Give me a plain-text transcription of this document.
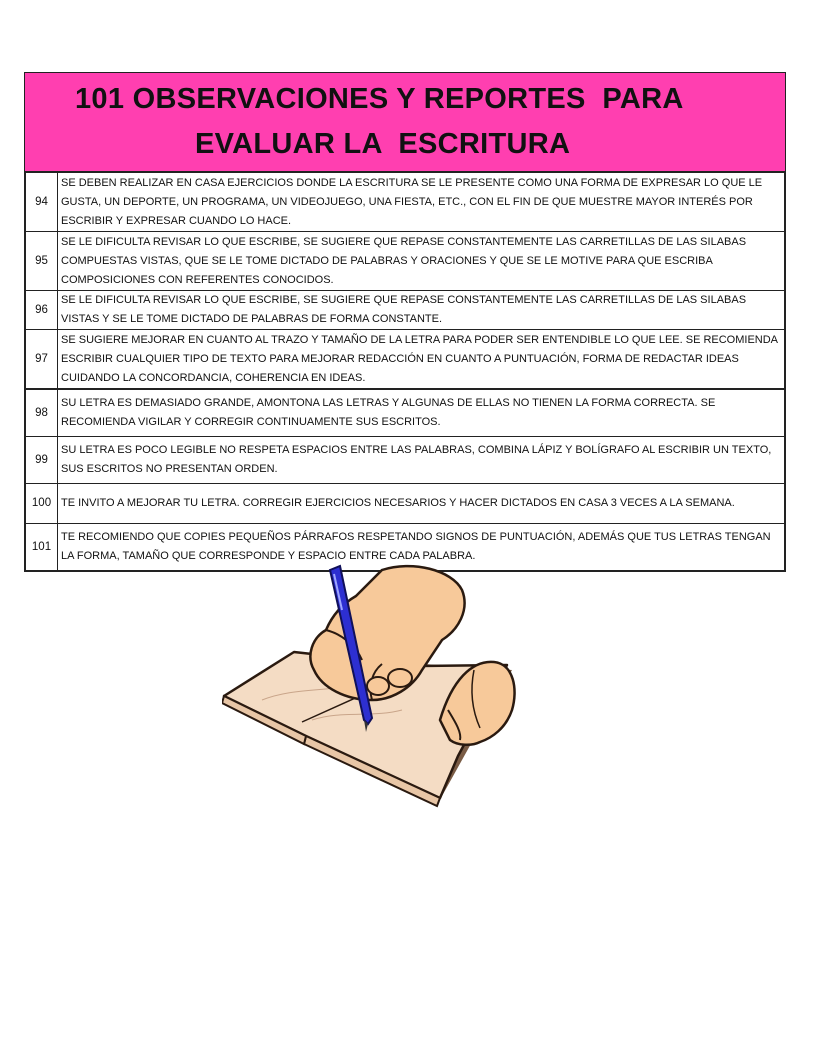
101 OBSERVACIONES Y REPORTES  PARA
EVALUAR LA  ESCRITURA
94	SE DEBEN REALIZAR EN CASA EJERCICIOS DONDE LA ESCRITURA SE LE PRESENTE COMO UNA FORMA DE EXPRESAR LO QUE LE GUSTA, UN DEPORTE, UN PROGRAMA, UN VIDEOJUEGO, UNA FIESTA, ETC., CON EL FIN DE QUE MUESTRE MAYOR INTERÉS POR ESCRIBIR Y EXPRESAR CUANDO LO HACE.
95	SE LE DIFICULTA REVISAR LO QUE ESCRIBE, SE SUGIERE QUE REPASE CONSTANTEMENTE LAS CARRETILLAS DE LAS SILABAS COMPUESTAS VISTAS, QUE SE LE TOME DICTADO DE PALABRAS Y ORACIONES Y QUE SE LE MOTIVE PARA QUE ESCRIBA COMPOSICIONES CON REFERENTES CONOCIDOS.
96	SE LE DIFICULTA REVISAR LO QUE ESCRIBE, SE SUGIERE QUE REPASE CONSTANTEMENTE LAS CARRETILLAS DE LAS SILABAS VISTAS Y SE LE TOME DICTADO DE PALABRAS DE FORMA CONSTANTE.
97	SE SUGIERE MEJORAR EN CUANTO AL TRAZO Y TAMAÑO DE LA LETRA PARA PODER SER ENTENDIBLE LO QUE LEE. SE RECOMIENDA ESCRIBIR CUALQUIER TIPO DE TEXTO PARA MEJORAR REDACCIÓN EN CUANTO A PUNTUACIÓN, FORMA DE REDACTAR IDEAS CUIDANDO LA CONCORDANCIA, COHERENCIA EN IDEAS.
98	SU LETRA ES DEMASIADO GRANDE, AMONTONA LAS LETRAS Y ALGUNAS DE ELLAS NO TIENEN LA FORMA CORRECTA. SE RECOMIENDA VIGILAR Y CORREGIR CONTINUAMENTE SUS ESCRITOS.
99	SU LETRA ES POCO LEGIBLE NO RESPETA ESPACIOS ENTRE LAS PALABRAS, COMBINA LÁPIZ Y BOLÍGRAFO AL ESCRIBIR UN TEXTO, SUS ESCRITOS NO PRESENTAN ORDEN.
100	TE INVITO A MEJORAR TU LETRA. CORREGIR EJERCICIOS NECESARIOS Y HACER DICTADOS EN CASA 3 VECES A LA SEMANA.
101	TE RECOMIENDO QUE COPIES PEQUEÑOS PÁRRAFOS RESPETANDO SIGNOS DE PUNTUACIÓN, ADEMÁS QUE TUS LETRAS TENGAN LA FORMA, TAMAÑO QUE CORRESPONDE Y ESPACIO ENTRE CADA PALABRA.
